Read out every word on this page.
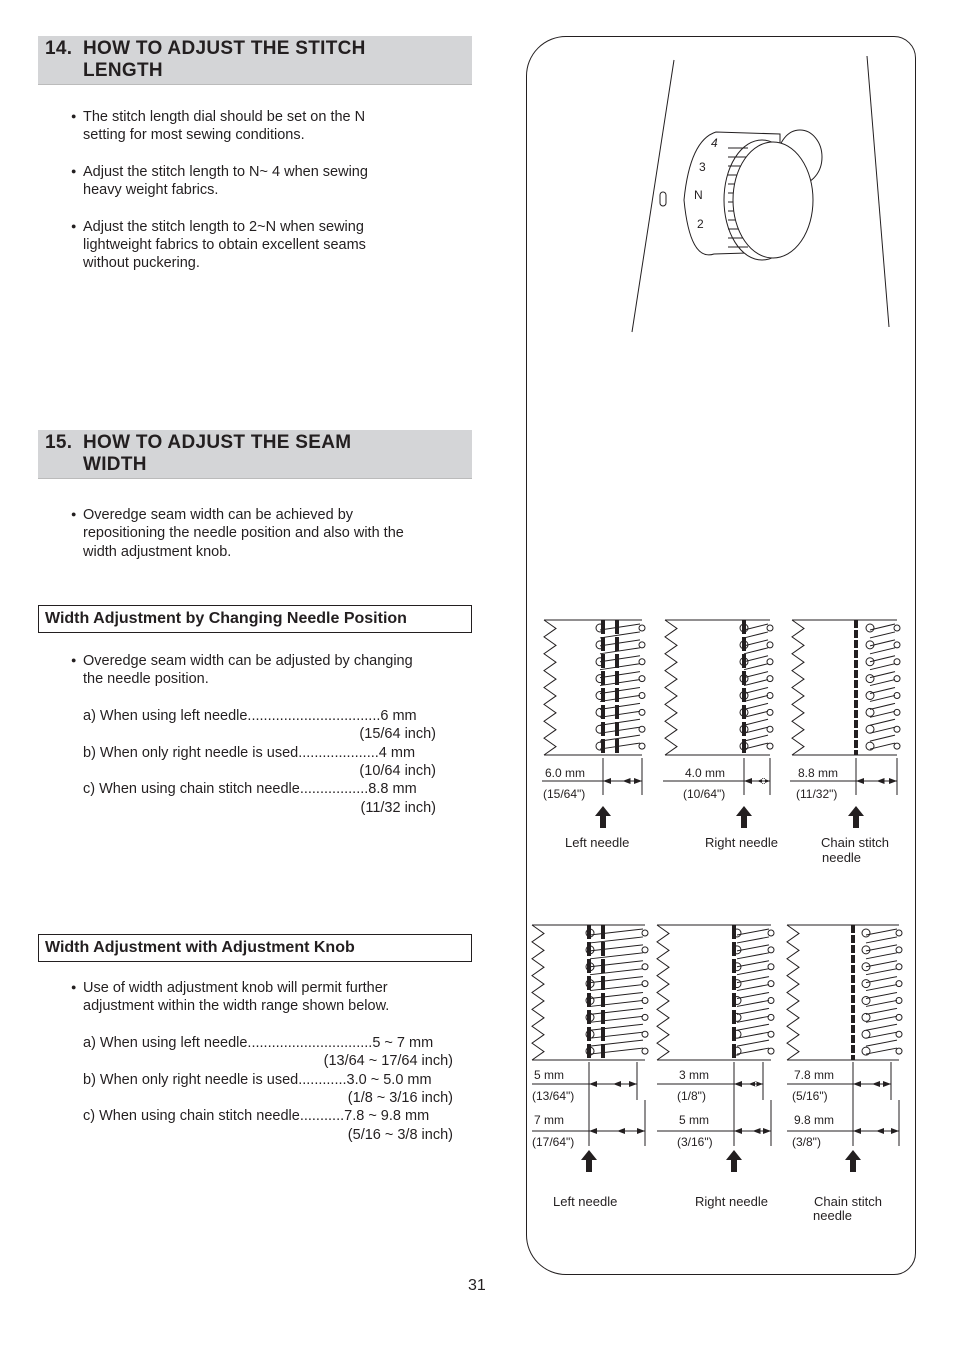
14. HOW TO ADJUST THE STITCH
LENGTH
● The stitch length dial should be set on the N
setting for most sewing conditions.
● Adjust the stitch length to N~ 4 when sewing
heavy weight fabrics.
● Adjust the stitch length to 2~N when sewing
lightweight fabrics to obtain excellent seams
without puckering.
15. HOW TO ADJUST THE SEAM
WIDTH
● Overedge seam width can be achieved by
repositioning the needle position and also with the
width adjustment knob.
Width Adjustment by Changing Needle Position
● Overedge seam width can be adjusted by changing
the needle position.
a) When using left needle.................................6 mm
(15/64 inch)
b) When only right needle is used....................4 mm
(10/64 inch)
c) When using chain stitch needle.................8.8 mm
(11/32 inch)
Width Adjustment with Adjustment Knob
● Use of width adjustment knob will permit further
adjustment within the width range shown below.
a) When using left needle...............................5 ~ 7 mm
(13/64 ~ 17/64 inch)
b) When only right needle is used............3.0 ~ 5.0 mm
(1/8 ~ 3/16 inch)
c) When using chain stitch needle...........7.8 ~ 9.8 mm
(5/16 ~ 3/8 inch)
4
3
N
2
6.0 mm
(15/64")
Left needle
4.0 mm
(10/64")
Right needle
8.8 mm
(11/32")
Chain stitch
needle
5 mm
(13/64")
7 mm
(17/64")
Left needle
3 mm
(1/8")
5 mm
(3/16")
Right needle
7.8 mm
(5/16")
9.8 mm
(3/8")
Chain stitch
needle
31
